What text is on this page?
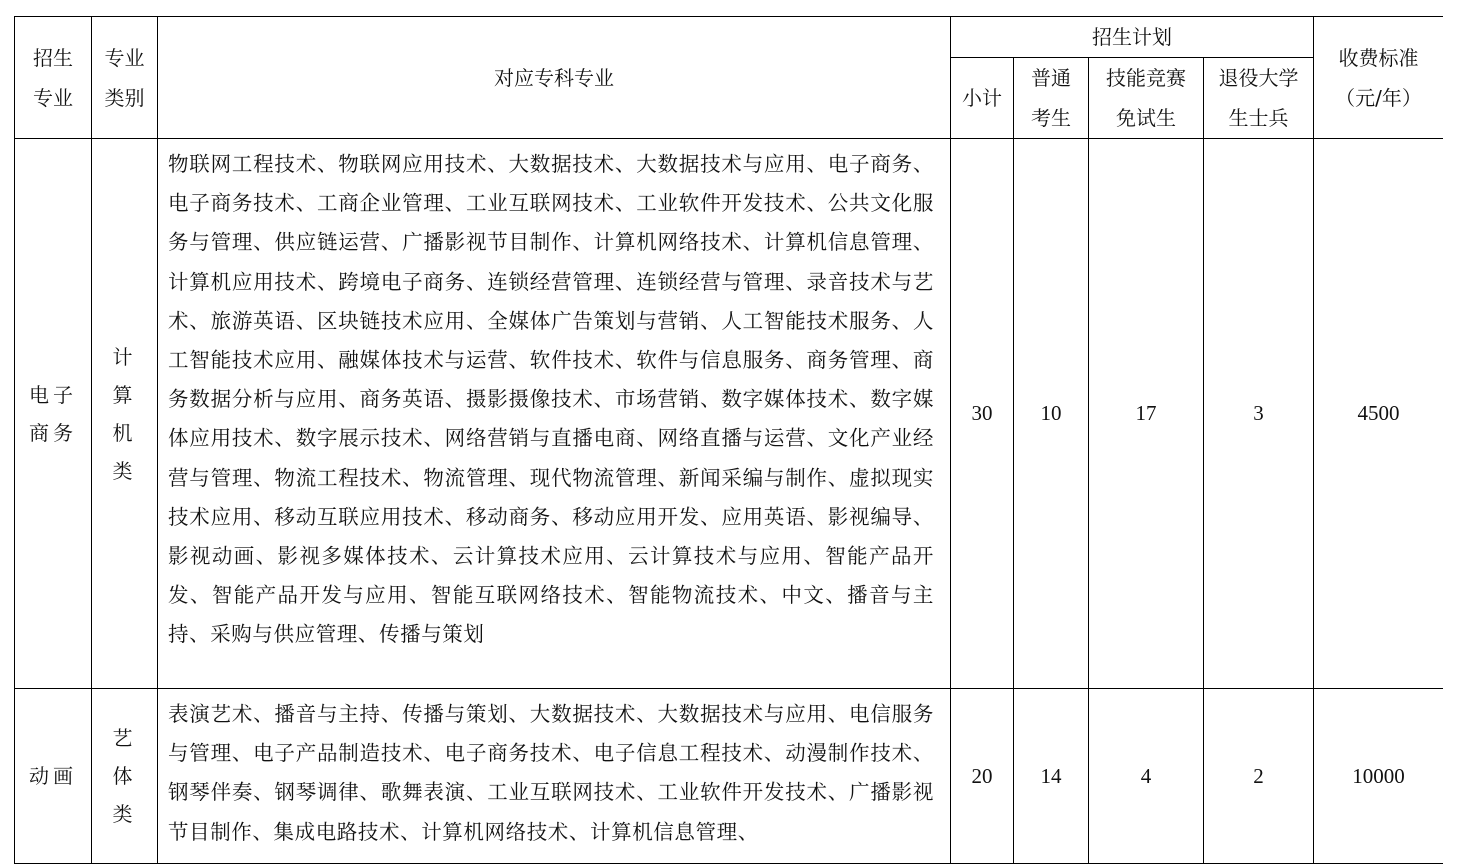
招生专业	专业类别	对应专科专业	招生计划				收费标准（元/年）
			小计	普通考生	技能竞赛免试生	退役大学生士兵	
电子商务	计算机类	物联网工程技术、物联网应用技术、大数据技术、大数据技术与应用、电子商务、电子商务技术、工商企业管理、工业互联网技术、工业软件开发技术、公共文化服务与管理、供应链运营、广播影视节目制作、计算机网络技术、计算机信息管理、计算机应用技术、跨境电子商务、连锁经营管理、连锁经营与管理、录音技术与艺术、旅游英语、区块链技术应用、全媒体广告策划与营销、人工智能技术服务、人工智能技术应用、融媒体技术与运营、软件技术、软件与信息服务、商务管理、商务数据分析与应用、商务英语、摄影摄像技术、市场营销、数字媒体技术、数字媒体应用技术、数字展示技术、网络营销与直播电商、网络直播与运营、文化产业经营与管理、物流工程技术、物流管理、现代物流管理、新闻采编与制作、虚拟现实技术应用、移动互联应用技术、移动商务、移动应用开发、应用英语、影视编导、影视动画、影视多媒体技术、云计算技术应用、云计算技术与应用、智能产品开发、智能产品开发与应用、智能互联网络技术、智能物流技术、中文、播音与主持、采购与供应管理、传播与策划	30	10	17	3	4500
动画	艺体类	表演艺术、播音与主持、传播与策划、大数据技术、大数据技术与应用、电信服务与管理、电子产品制造技术、电子商务技术、电子信息工程技术、动漫制作技术、钢琴伴奏、钢琴调律、歌舞表演、工业互联网技术、工业软件开发技术、广播影视节目制作、集成电路技术、计算机网络技术、计算机信息管理、	20	14	4	2	10000
